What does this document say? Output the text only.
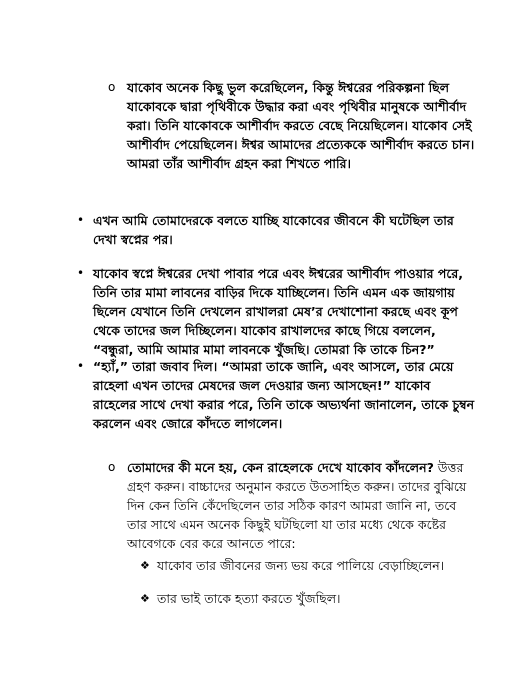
o যাকোব অনেক কিছু ভুল করেছিলেন, কিন্তু ঈশ্বরের পরিকল্পনা ছিল যাকোবকে দ্বারা পৃথিবীকে উদ্ধার করা এবং পৃথিবীর মানুষকে আশীর্বাদ করা। তিনি যাকোবকে আশীর্বাদ করতে বেছে নিয়েছিলেন। যাকোব সেই আশীর্বাদ পেয়েছিলেন। ঈশ্বর আমাদের প্রত্যেককে আশীর্বাদ করতে চান। আমরা তাঁর আশীর্বাদ গ্রহন করা শিখতে পারি।

• এখন আমি তোমাদেরকে বলতে যাচ্ছি যাকোবের জীবনে কী ঘটেছিল তার দেখা স্বপ্নের পর।

• যাকোব স্বপ্নে ঈশ্বরের দেখা পাবার পরে এবং ঈশ্বরের আশীর্বাদ পাওয়ার পরে, তিনি তার মামা লাবনের বাড়ির দিকে যাচ্ছিলেন। তিনি এমন এক জায়গায় ছিলেন যেখানে তিনি দেখলেন রাখালরা মেষ’র দেখাশোনা করছে এবং কূপ থেকে তাদের জল দিচ্ছিলেন। যাকোব রাখালদের কাছে গিয়ে বললেন, “বন্ধুরা, আমি আমার মামা লাবনকে খুঁজছি। তোমরা কি তাকে চিন?”

• “হ্যাঁ,” তারা জবাব দিল। “আমরা তাকে জানি, এবং আসলে, তার মেয়ে রাহেলা এখন তাদের মেষদের জল দেওয়ার জন্য আসছেন!” যাকোব রাহেলের সাথে দেখা করার পরে, তিনি তাকে অভ্যর্থনা জানালেন, তাকে চুম্বন করলেন এবং জোরে কাঁদতে লাগলেন।

o তোমাদের কী মনে হয়, কেন রাহেলকে দেখে যাকোব কাঁদলেন? উত্তর গ্রহণ করুন। বাচ্চাদের অনুমান করতে উতসাহিত করুন। তাদের বুঝিয়ে দিন কেন তিনি কেঁদেছিলেন তার সঠিক কারণ আমরা জানি না, তবে তার সাথে এমন অনেক কিছুই ঘটছিলো যা তার মধ্যে থেকে কষ্টের আবেগকে বের করে আনতে পারে:

❖ যাকোব তার জীবনের জন্য ভয় করে পালিয়ে বেড়াচ্ছিলেন।

❖ তার ভাই তাকে হত্যা করতে খুঁজছিল।
